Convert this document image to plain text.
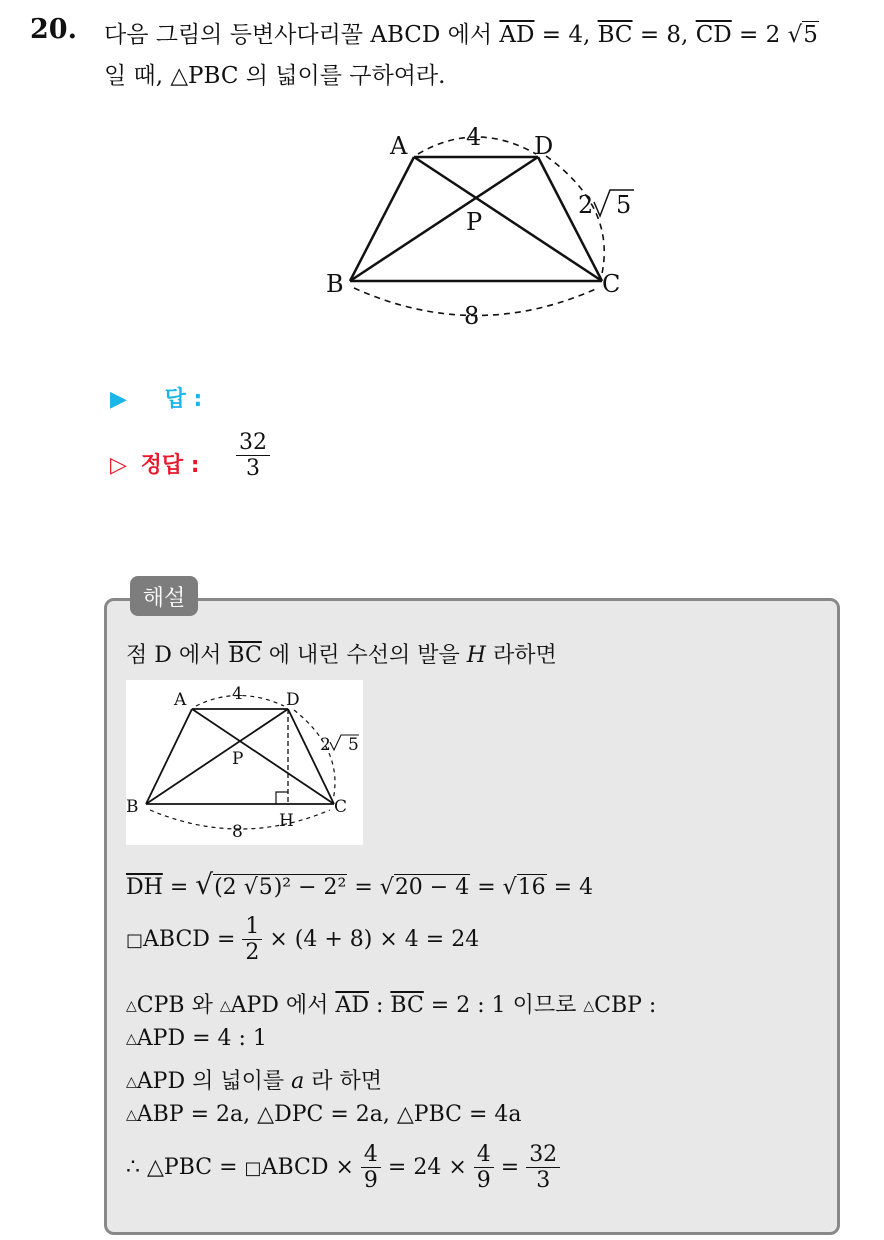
20. 다음 그림의 등변사다리꼴 ABCD 에서 $\overline{AD} = 4$, $\overline{BC} = 8$, $\overline{CD} = 2$ √5
일 때, △PBC 의 넓이를 구하여라.
A	D
B	C
P
4
8
2 5
▶ 답 :
▷ 정답 : $\frac{32}{3}$
해설
점 D 에서 $\overline{BC}$ 에 내린 수선의 발을 H 라하면
A	D
B	C
P
H
4
8
2 5
$\overline{DH} = √(2$ √5)² − 2² = √20 − 4 = √16 = 4
□ABCD = $\frac{1}{2} \times (4 + 8) \times 4 = 24$
△CPB 와 △APD 에서 $\overline{AD}$ : $\overline{BC} = 2$ : 1 이므로 △CBP :
△APD = 4 : 1
△APD 의 넓이를 a 라 하면
△ABP = 2a, △DPC = 2a, △PBC = 4a
∴ △PBC = □ABCD × $\frac{4}{9} = 24 \times \frac{4}{9} = \frac{32}{3}$
